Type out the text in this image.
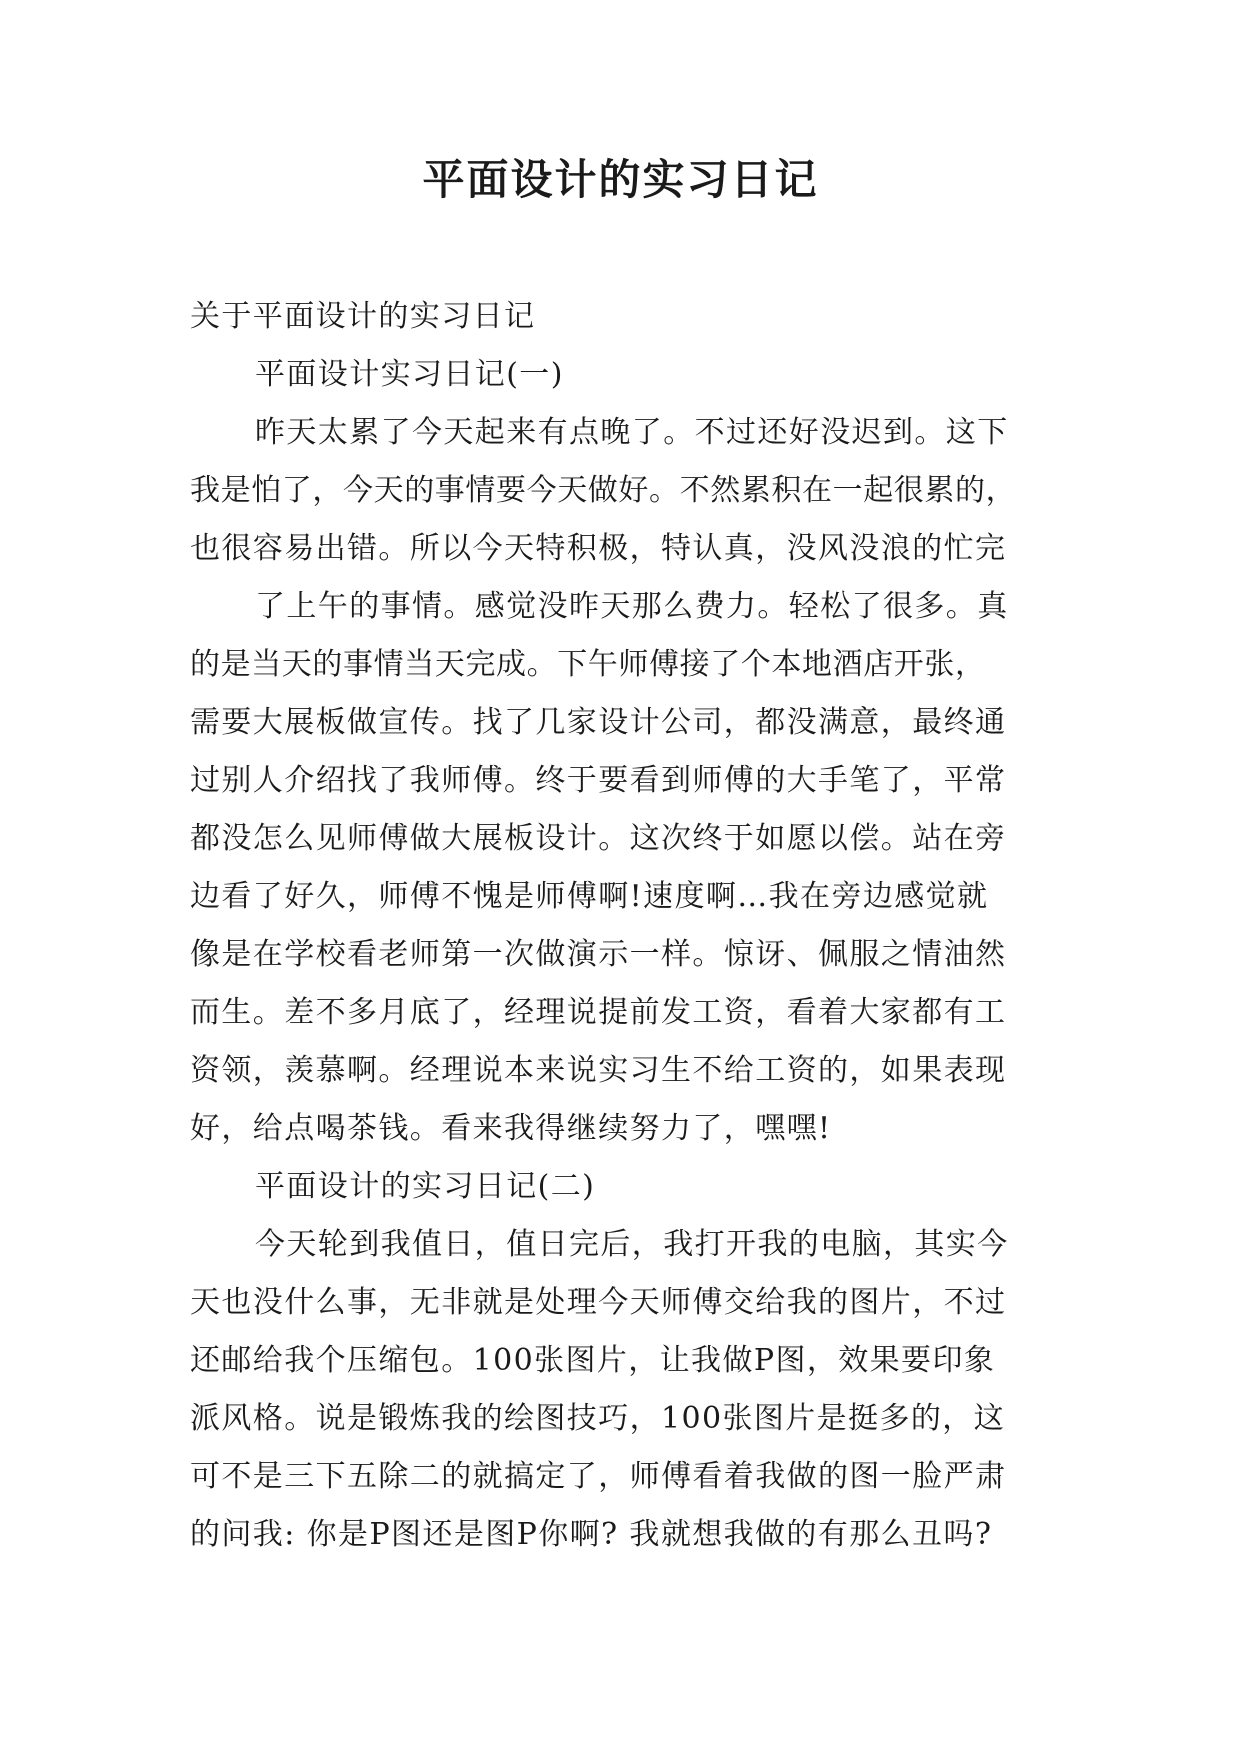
平面设计的实习日记
关于平面设计的实习日记
平面设计实习日记(一)
昨天太累了今天起来有点晚了。不过还好没迟到。这下
我是怕了，今天的事情要今天做好。不然累积在一起很累的，
也很容易出错。所以今天特积极，特认真，没风没浪的忙完
了上午的事情。感觉没昨天那么费力。轻松了很多。真
的是当天的事情当天完成。下午师傅接了个本地酒店开张，
需要大展板做宣传。找了几家设计公司，都没满意，最终通
过别人介绍找了我师傅。终于要看到师傅的大手笔了，平常
都没怎么见师傅做大展板设计。这次终于如愿以偿。站在旁
边看了好久，师傅不愧是师傅啊!速度啊…我在旁边感觉就
像是在学校看老师第一次做演示一样。惊讶、佩服之情油然
而生。差不多月底了，经理说提前发工资，看着大家都有工
资领，羡慕啊。经理说本来说实习生不给工资的，如果表现
好，给点喝茶钱。看来我得继续努力了，嘿嘿!
平面设计的实习日记(二)
今天轮到我值日，值日完后，我打开我的电脑，其实今
天也没什么事，无非就是处理今天师傅交给我的图片，不过
还邮给我个压缩包。100张图片，让我做P图，效果要印象
派风格。说是锻炼我的绘图技巧，100张图片是挺多的，这
可不是三下五除二的就搞定了，师傅看着我做的图一脸严肃
的问我: 你是P图还是图P你啊? 我就想我做的有那么丑吗?
